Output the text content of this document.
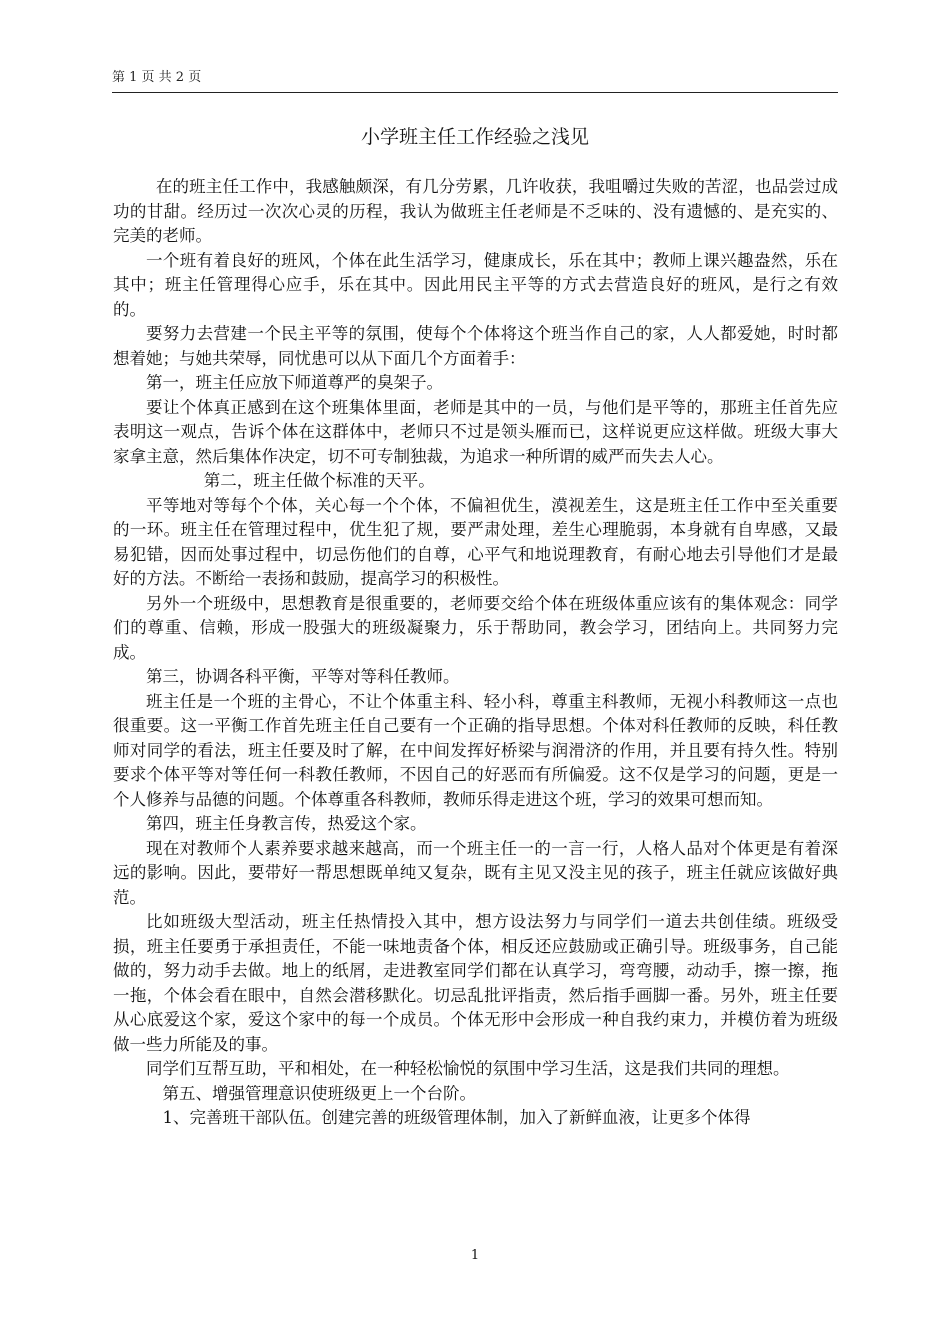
第 1 页 共 2 页
小学班主任工作经验之浅见

在的班主任工作中，我感触颇深，有几分劳累，几许收获，我咀嚼过失败的苦涩，也品尝过成功的甘甜。经历过一次次心灵的历程，我认为做班主任老师是不乏味的、没有遗憾的、是充实的、完美的老师。

一个班有着良好的班风，个体在此生活学习，健康成长，乐在其中；教师上课兴趣盎然，乐在其中；班主任管理得心应手，乐在其中。因此用民主平等的方式去营造良好的班风，是行之有效的。

要努力去营建一个民主平等的氛围，使每个个体将这个班当作自己的家，人人都爱她，时时都想着她；与她共荣辱，同忧患可以从下面几个方面着手：

第一，班主任应放下师道尊严的臭架子。

要让个体真正感到在这个班集体里面，老师是其中的一员，与他们是平等的，那班主任首先应表明这一观点，告诉个体在这群体中，老师只不过是领头雁而已，这样说更应这样做。班级大事大家拿主意，然后集体作决定，切不可专制独裁，为追求一种所谓的威严而失去人心。

第二，班主任做个标准的天平。

平等地对等每个个体，关心每一个个体，不偏袒优生，漠视差生，这是班主任工作中至关重要的一环。班主任在管理过程中，优生犯了规，要严肃处理，差生心理脆弱，本身就有自卑感，又最易犯错，因而处事过程中，切忌伤他们的自尊，心平气和地说理教育，有耐心地去引导他们才是最好的方法。不断给一表扬和鼓励，提高学习的积极性。

另外一个班级中，思想教育是很重要的，老师要交给个体在班级体重应该有的集体观念：同学们的尊重、信赖，形成一股强大的班级凝聚力，乐于帮助同，教会学习，团结向上。共同努力完成。

第三，协调各科平衡，平等对等科任教师。

班主任是一个班的主骨心，不让个体重主科、轻小科，尊重主科教师，无视小科教师这一点也很重要。这一平衡工作首先班主任自己要有一个正确的指导思想。个体对科任教师的反映，科任教师对同学的看法，班主任要及时了解，在中间发挥好桥梁与润滑济的作用，并且要有持久性。特别要求个体平等对等任何一科教任教师，不因自己的好恶而有所偏爱。这不仅是学习的问题，更是一个人修养与品德的问题。个体尊重各科教师，教师乐得走进这个班，学习的效果可想而知。

第四，班主任身教言传，热爱这个家。

现在对教师个人素养要求越来越高，而一个班主任一的一言一行，人格人品对个体更是有着深远的影响。因此，要带好一帮思想既单纯又复杂，既有主见又没主见的孩子，班主任就应该做好典范。

比如班级大型活动，班主任热情投入其中，想方设法努力与同学们一道去共创佳绩。班级受损，班主任要勇于承担责任，不能一味地责备个体，相反还应鼓励或正确引导。班级事务，自己能做的，努力动手去做。地上的纸屑，走进教室同学们都在认真学习，弯弯腰，动动手，擦一擦，拖一拖，个体会看在眼中，自然会潜移默化。切忌乱批评指责，然后指手画脚一番。另外，班主任要从心底爱这个家，爱这个家中的每一个成员。个体无形中会形成一种自我约束力，并模仿着为班级做一些力所能及的事。

同学们互帮互助，平和相处，在一种轻松愉悦的氛围中学习生活，这是我们共同的理想。

第五、增强管理意识使班级更上一个台阶。

1、完善班干部队伍。创建完善的班级管理体制，加入了新鲜血液，让更多个体得

1
